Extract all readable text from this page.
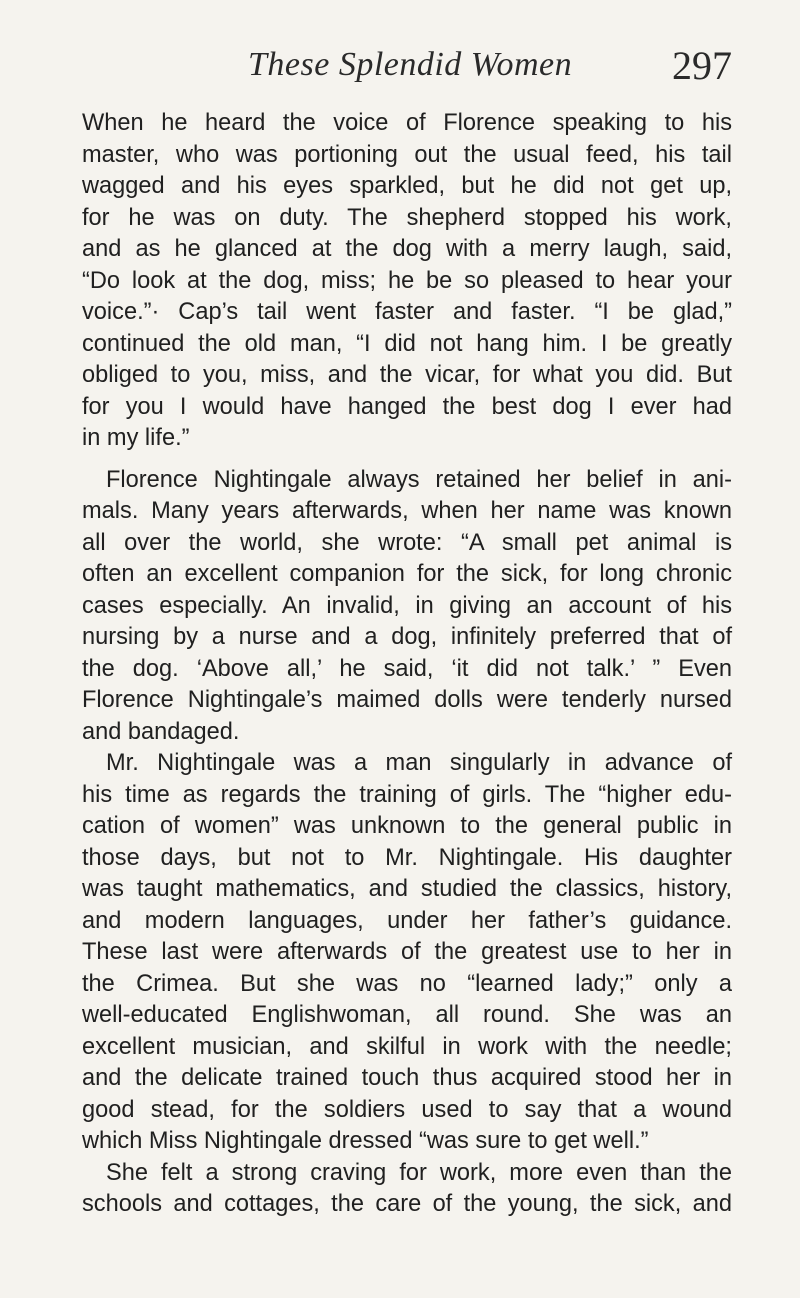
These Splendid Women 297
When he heard the voice of Florence speaking to his
master, who was portioning out the usual feed, his tail
wagged and his eyes sparkled, but he did not get up,
for he was on duty. The shepherd stopped his work,
and as he glanced at the dog with a merry laugh, said,
“Do look at the dog, miss; he be so pleased to hear your
voice.”· Cap’s tail went faster and faster. “I be glad,”
continued the old man, “I did not hang him. I be greatly
obliged to you, miss, and the vicar, for what you did. But
for you I would have hanged the best dog I ever had
in my life.”
Florence Nightingale always retained her belief in ani-
mals. Many years afterwards, when her name was known
all over the world, she wrote: “A small pet animal is
often an excellent companion for the sick, for long chronic
cases especially. An invalid, in giving an account of his
nursing by a nurse and a dog, infinitely preferred that of
the dog. ‘Above all,’ he said, ‘it did not talk.’ ” Even
Florence Nightingale’s maimed dolls were tenderly nursed
and bandaged.
Mr. Nightingale was a man singularly in advance of
his time as regards the training of girls. The “higher edu-
cation of women” was unknown to the general public in
those days, but not to Mr. Nightingale. His daughter
was taught mathematics, and studied the classics, history,
and modern languages, under her father’s guidance.
These last were afterwards of the greatest use to her in
the Crimea. But she was no “learned lady;” only a
well-educated Englishwoman, all round. She was an
excellent musician, and skilful in work with the needle;
and the delicate trained touch thus acquired stood her in
good stead, for the soldiers used to say that a wound
which Miss Nightingale dressed “was sure to get well.”
She felt a strong craving for work, more even than the
schools and cottages, the care of the young, the sick, and
